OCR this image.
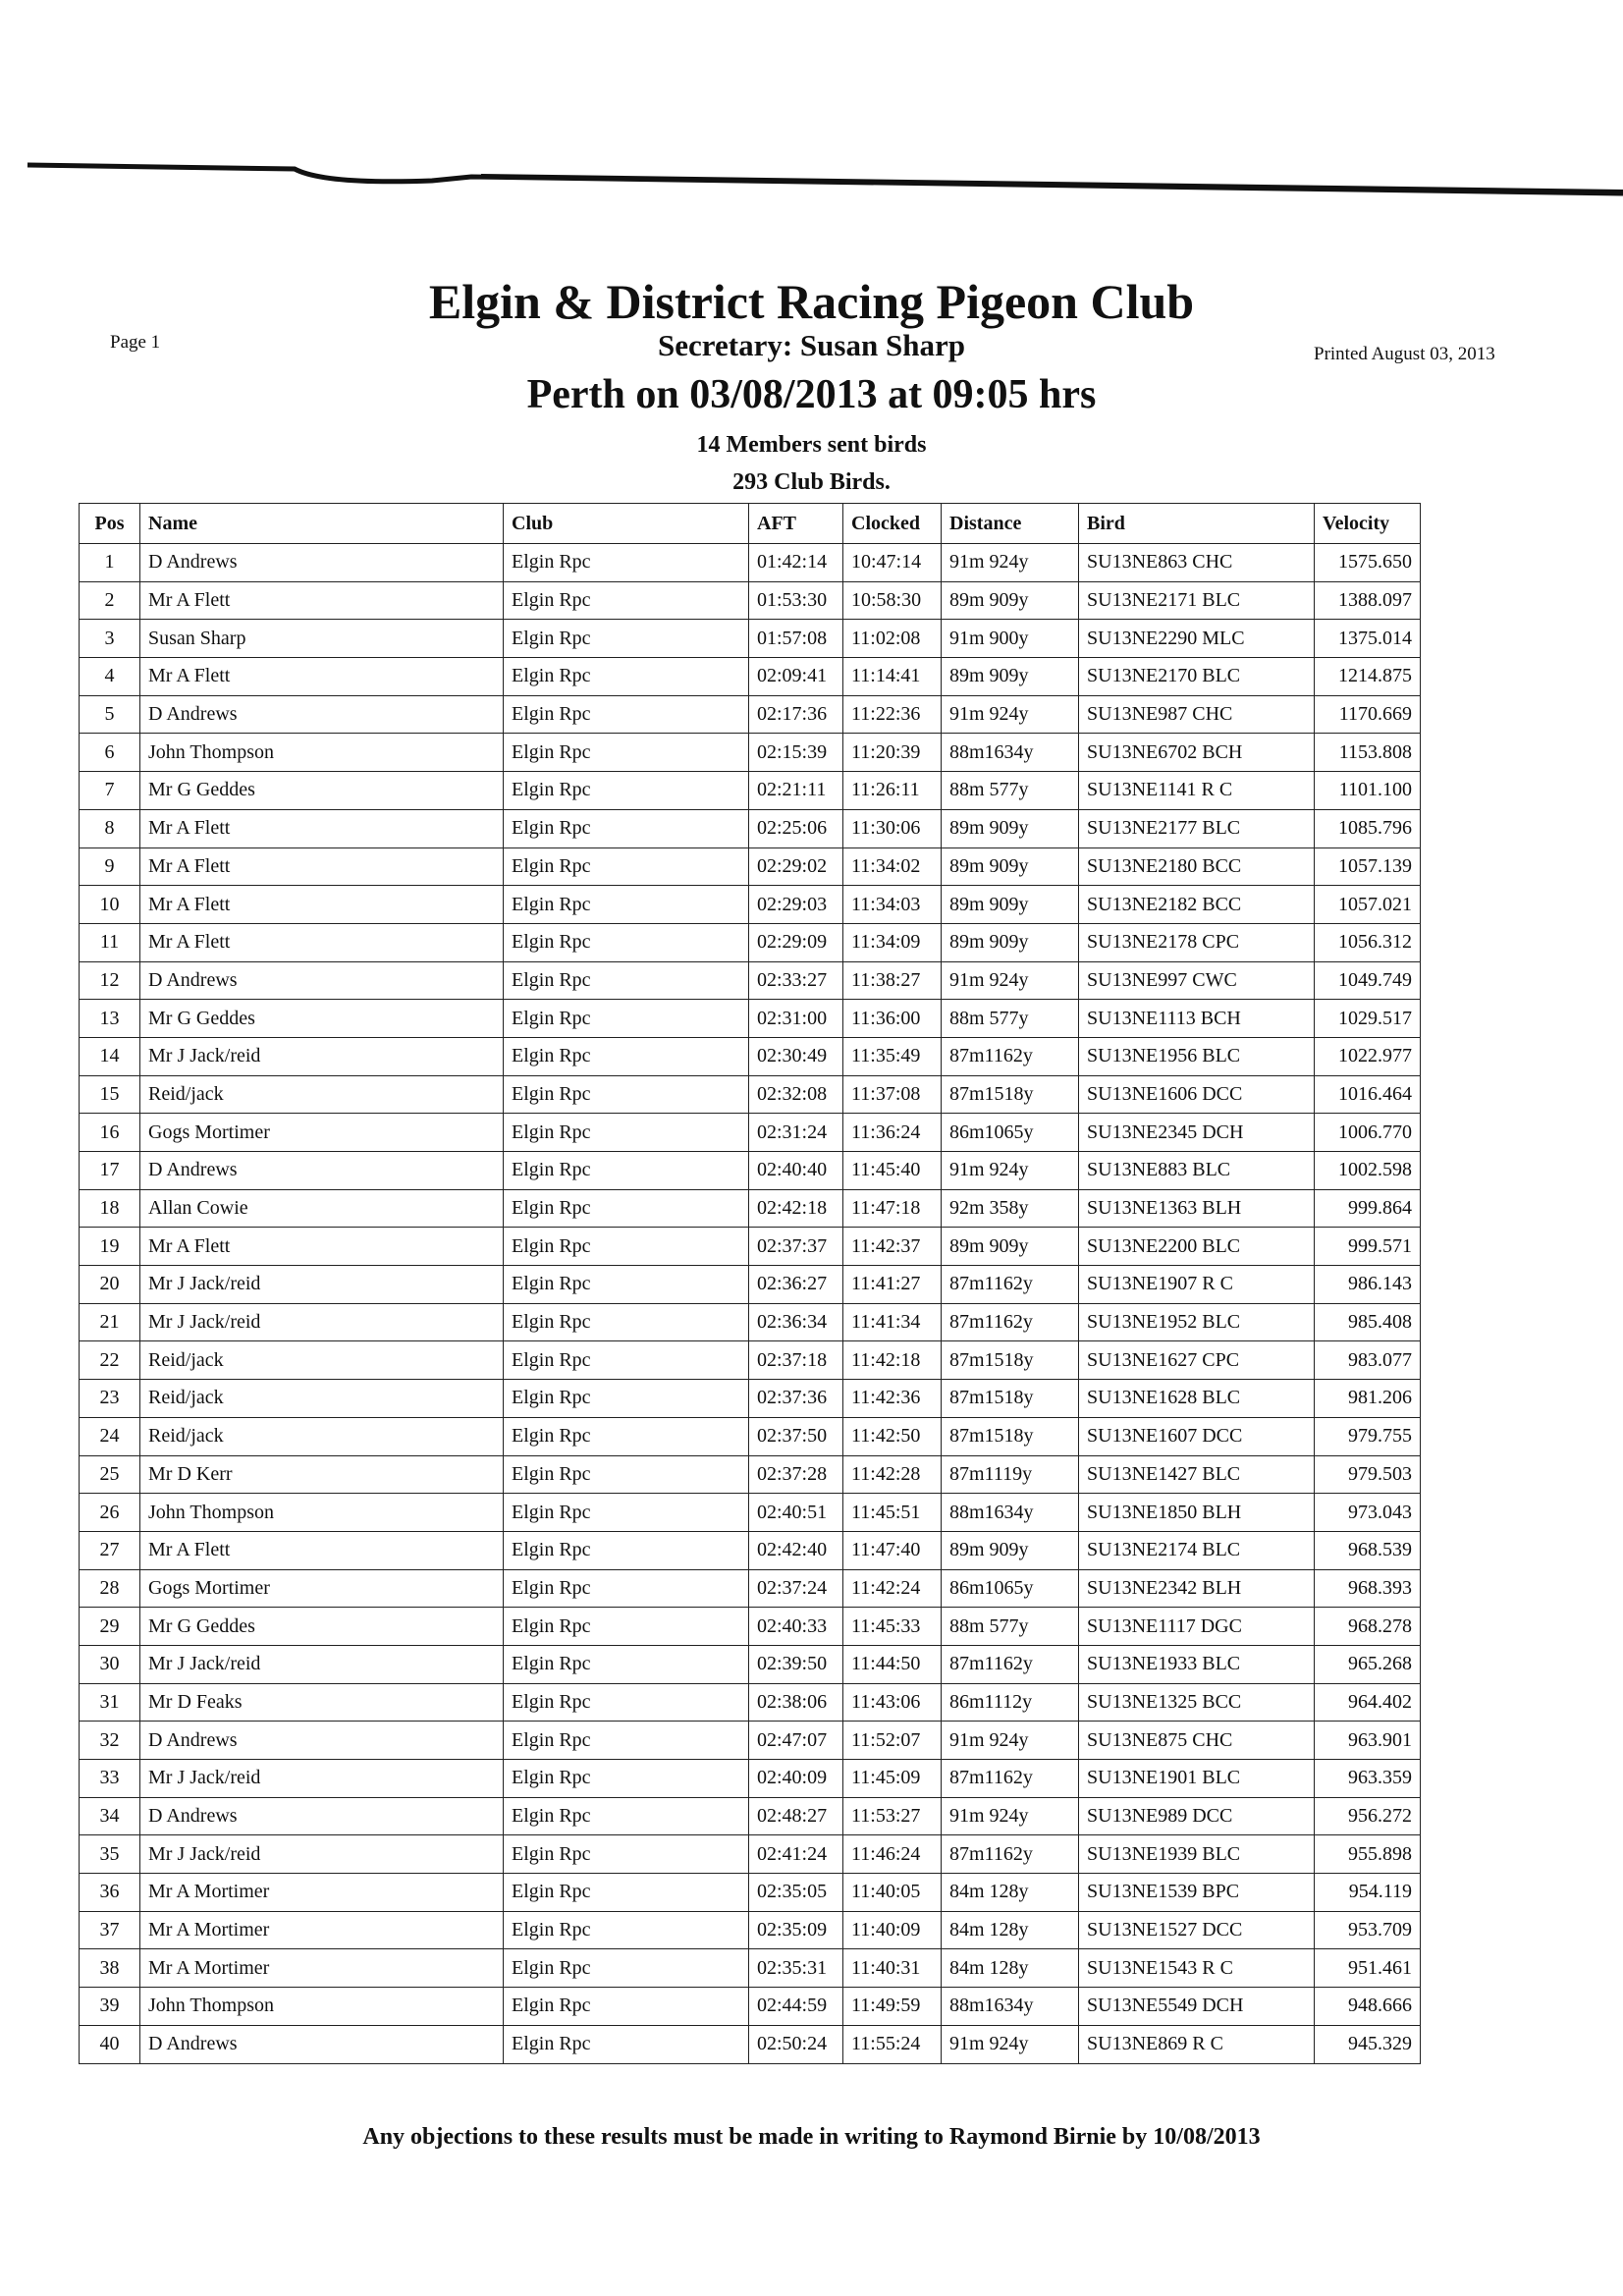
Elgin & District Racing Pigeon Club
Page 1	Secretary: Susan Sharp	Printed August 03, 2013
Perth on 03/08/2013 at 09:05 hrs
14 Members sent birds
293 Club Birds.
Pos	Name	Club	AFT	Clocked	Distance	Bird	Velocity
1	D Andrews	Elgin Rpc	01:42:14	10:47:14	91m 924y	SU13NE863 CHC	1575.650
2	Mr A Flett	Elgin Rpc	01:53:30	10:58:30	89m 909y	SU13NE2171 BLC	1388.097
3	Susan Sharp	Elgin Rpc	01:57:08	11:02:08	91m 900y	SU13NE2290 MLC	1375.014
4	Mr A Flett	Elgin Rpc	02:09:41	11:14:41	89m 909y	SU13NE2170 BLC	1214.875
5	D Andrews	Elgin Rpc	02:17:36	11:22:36	91m 924y	SU13NE987 CHC	1170.669
6	John Thompson	Elgin Rpc	02:15:39	11:20:39	88m1634y	SU13NE6702 BCH	1153.808
7	Mr G Geddes	Elgin Rpc	02:21:11	11:26:11	88m 577y	SU13NE1141 R C	1101.100
8	Mr A Flett	Elgin Rpc	02:25:06	11:30:06	89m 909y	SU13NE2177 BLC	1085.796
9	Mr A Flett	Elgin Rpc	02:29:02	11:34:02	89m 909y	SU13NE2180 BCC	1057.139
10	Mr A Flett	Elgin Rpc	02:29:03	11:34:03	89m 909y	SU13NE2182 BCC	1057.021
11	Mr A Flett	Elgin Rpc	02:29:09	11:34:09	89m 909y	SU13NE2178 CPC	1056.312
12	D Andrews	Elgin Rpc	02:33:27	11:38:27	91m 924y	SU13NE997 CWC	1049.749
13	Mr G Geddes	Elgin Rpc	02:31:00	11:36:00	88m 577y	SU13NE1113 BCH	1029.517
14	Mr J Jack/reid	Elgin Rpc	02:30:49	11:35:49	87m1162y	SU13NE1956 BLC	1022.977
15	Reid/jack	Elgin Rpc	02:32:08	11:37:08	87m1518y	SU13NE1606 DCC	1016.464
16	Gogs Mortimer	Elgin Rpc	02:31:24	11:36:24	86m1065y	SU13NE2345 DCH	1006.770
17	D Andrews	Elgin Rpc	02:40:40	11:45:40	91m 924y	SU13NE883 BLC	1002.598
18	Allan Cowie	Elgin Rpc	02:42:18	11:47:18	92m 358y	SU13NE1363 BLH	999.864
19	Mr A Flett	Elgin Rpc	02:37:37	11:42:37	89m 909y	SU13NE2200 BLC	999.571
20	Mr J Jack/reid	Elgin Rpc	02:36:27	11:41:27	87m1162y	SU13NE1907 R C	986.143
21	Mr J Jack/reid	Elgin Rpc	02:36:34	11:41:34	87m1162y	SU13NE1952 BLC	985.408
22	Reid/jack	Elgin Rpc	02:37:18	11:42:18	87m1518y	SU13NE1627 CPC	983.077
23	Reid/jack	Elgin Rpc	02:37:36	11:42:36	87m1518y	SU13NE1628 BLC	981.206
24	Reid/jack	Elgin Rpc	02:37:50	11:42:50	87m1518y	SU13NE1607 DCC	979.755
25	Mr D Kerr	Elgin Rpc	02:37:28	11:42:28	87m1119y	SU13NE1427 BLC	979.503
26	John Thompson	Elgin Rpc	02:40:51	11:45:51	88m1634y	SU13NE1850 BLH	973.043
27	Mr A Flett	Elgin Rpc	02:42:40	11:47:40	89m 909y	SU13NE2174 BLC	968.539
28	Gogs Mortimer	Elgin Rpc	02:37:24	11:42:24	86m1065y	SU13NE2342 BLH	968.393
29	Mr G Geddes	Elgin Rpc	02:40:33	11:45:33	88m 577y	SU13NE1117 DGC	968.278
30	Mr J Jack/reid	Elgin Rpc	02:39:50	11:44:50	87m1162y	SU13NE1933 BLC	965.268
31	Mr D Feaks	Elgin Rpc	02:38:06	11:43:06	86m1112y	SU13NE1325 BCC	964.402
32	D Andrews	Elgin Rpc	02:47:07	11:52:07	91m 924y	SU13NE875 CHC	963.901
33	Mr J Jack/reid	Elgin Rpc	02:40:09	11:45:09	87m1162y	SU13NE1901 BLC	963.359
34	D Andrews	Elgin Rpc	02:48:27	11:53:27	91m 924y	SU13NE989 DCC	956.272
35	Mr J Jack/reid	Elgin Rpc	02:41:24	11:46:24	87m1162y	SU13NE1939 BLC	955.898
36	Mr A Mortimer	Elgin Rpc	02:35:05	11:40:05	84m 128y	SU13NE1539 BPC	954.119
37	Mr A Mortimer	Elgin Rpc	02:35:09	11:40:09	84m 128y	SU13NE1527 DCC	953.709
38	Mr A Mortimer	Elgin Rpc	02:35:31	11:40:31	84m 128y	SU13NE1543 R C	951.461
39	John Thompson	Elgin Rpc	02:44:59	11:49:59	88m1634y	SU13NE5549 DCH	948.666
40	D Andrews	Elgin Rpc	02:50:24	11:55:24	91m 924y	SU13NE869 R C	945.329
Any objections to these results must be made in writing to Raymond Birnie by 10/08/2013
